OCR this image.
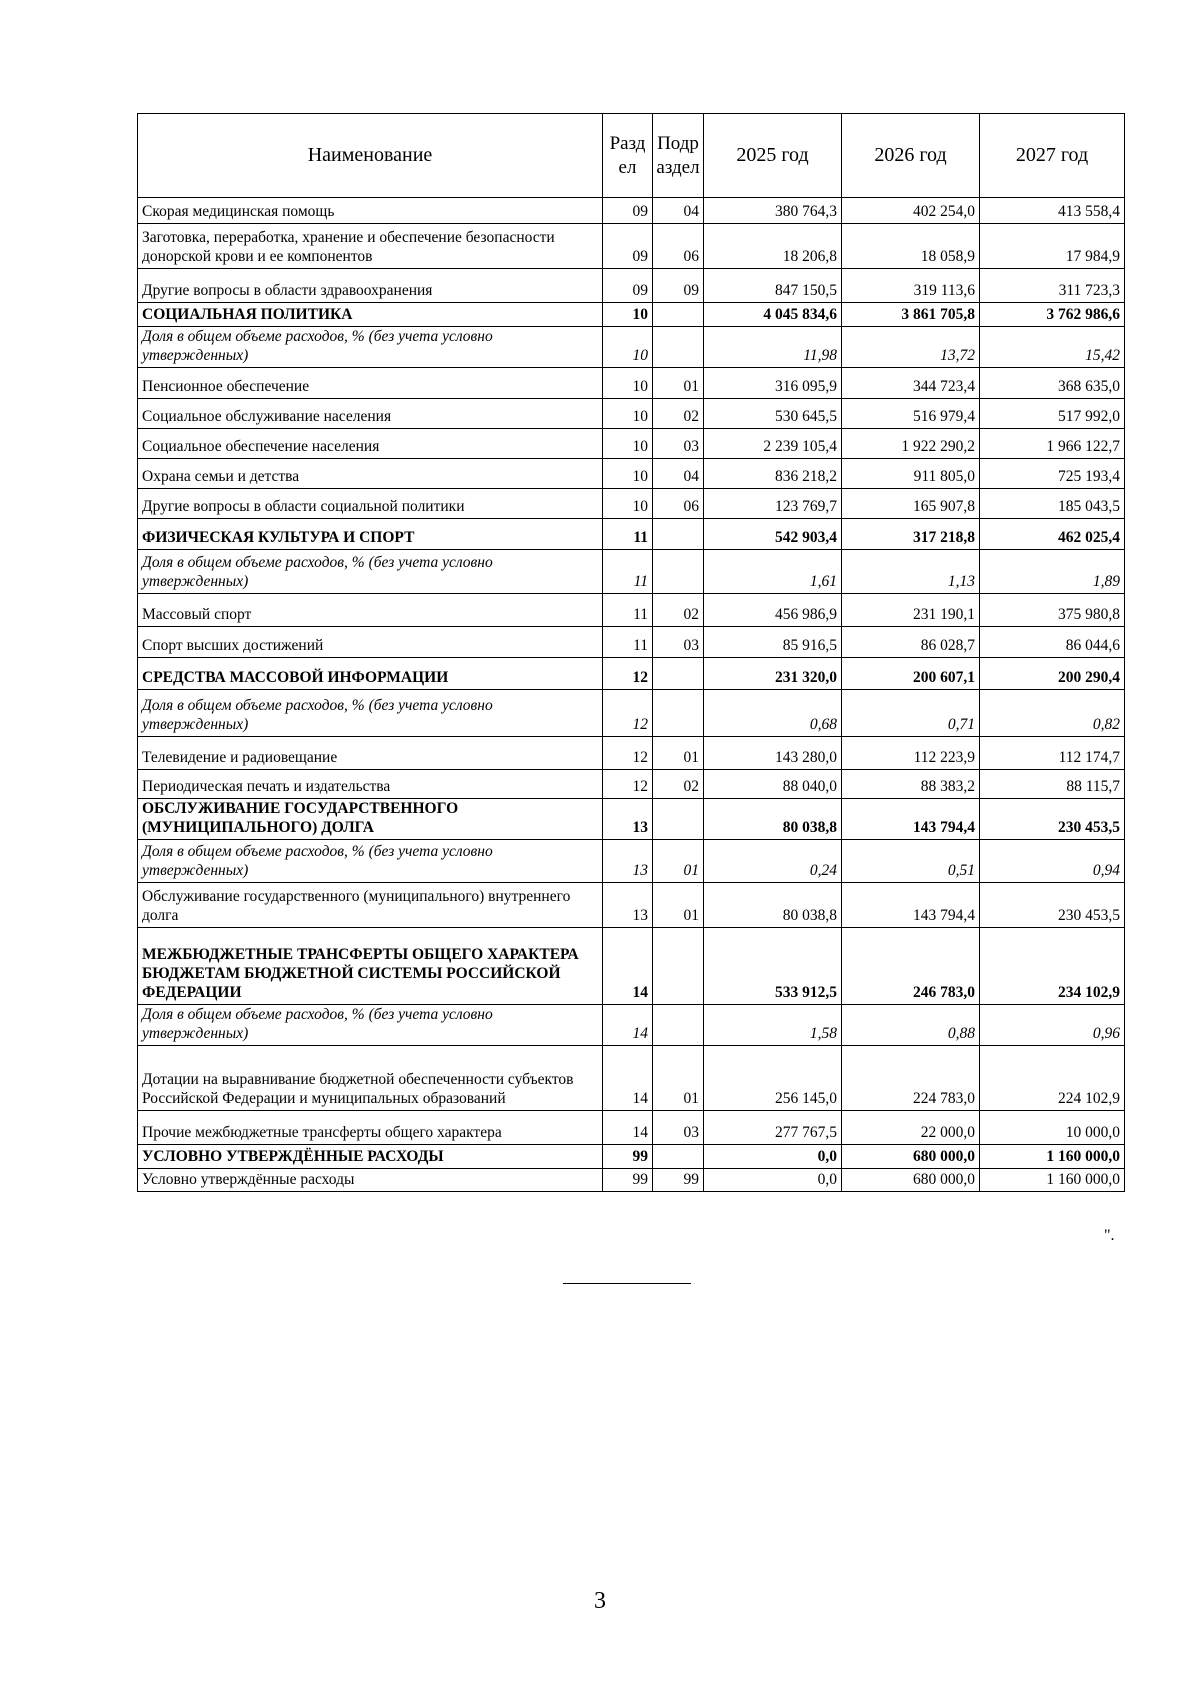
Наименование	Разд ел	Подр аздел	2025 год	2026 год	2027 год
Скорая медицинская помощь	09	04	380 764,3	402 254,0	413 558,4
Заготовка, переработка, хранение и обеспечение безопасности донорской крови и ее компонентов	09	06	18 206,8	18 058,9	17 984,9
Другие вопросы в области здравоохранения	09	09	847 150,5	319 113,6	311 723,3
СОЦИАЛЬНАЯ ПОЛИТИКА	10		4 045 834,6	3 861 705,8	3 762 986,6
Доля в общем объеме расходов, % (без учета условно утвержденных)	10		11,98	13,72	15,42
Пенсионное обеспечение	10	01	316 095,9	344 723,4	368 635,0
Социальное обслуживание населения	10	02	530 645,5	516 979,4	517 992,0
Социальное обеспечение населения	10	03	2 239 105,4	1 922 290,2	1 966 122,7
Охрана семьи и детства	10	04	836 218,2	911 805,0	725 193,4
Другие вопросы в области социальной политики	10	06	123 769,7	165 907,8	185 043,5
ФИЗИЧЕСКАЯ КУЛЬТУРА И СПОРТ	11		542 903,4	317 218,8	462 025,4
Доля в общем объеме расходов, % (без учета условно утвержденных)	11		1,61	1,13	1,89
Массовый спорт	11	02	456 986,9	231 190,1	375 980,8
Спорт высших достижений	11	03	85 916,5	86 028,7	86 044,6
СРЕДСТВА МАССОВОЙ ИНФОРМАЦИИ	12		231 320,0	200 607,1	200 290,4
Доля в общем объеме расходов, % (без учета условно утвержденных)	12		0,68	0,71	0,82
Телевидение и радиовещание	12	01	143 280,0	112 223,9	112 174,7
Периодическая печать и издательства	12	02	88 040,0	88 383,2	88 115,7
ОБСЛУЖИВАНИЕ ГОСУДАРСТВЕННОГО (МУНИЦИПАЛЬНОГО) ДОЛГА	13		80 038,8	143 794,4	230 453,5
Доля в общем объеме расходов, % (без учета условно утвержденных)	13	01	0,24	0,51	0,94
Обслуживание государственного (муниципального) внутреннего долга	13	01	80 038,8	143 794,4	230 453,5
МЕЖБЮДЖЕТНЫЕ ТРАНСФЕРТЫ ОБЩЕГО ХАРАКТЕРА БЮДЖЕТАМ БЮДЖЕТНОЙ СИСТЕМЫ РОССИЙСКОЙ ФЕДЕРАЦИИ	14		533 912,5	246 783,0	234 102,9
Доля в общем объеме расходов, % (без учета условно утвержденных)	14		1,58	0,88	0,96
Дотации на выравнивание бюджетной обеспеченности субъектов Российской Федерации и муниципальных образований	14	01	256 145,0	224 783,0	224 102,9
Прочие межбюджетные трансферты общего характера	14	03	277 767,5	22 000,0	10 000,0
УСЛОВНО УТВЕРЖДЁННЫЕ РАСХОДЫ	99		0,0	680 000,0	1 160 000,0
Условно утверждённые расходы	99	99	0,0	680 000,0	1 160 000,0
".
3
